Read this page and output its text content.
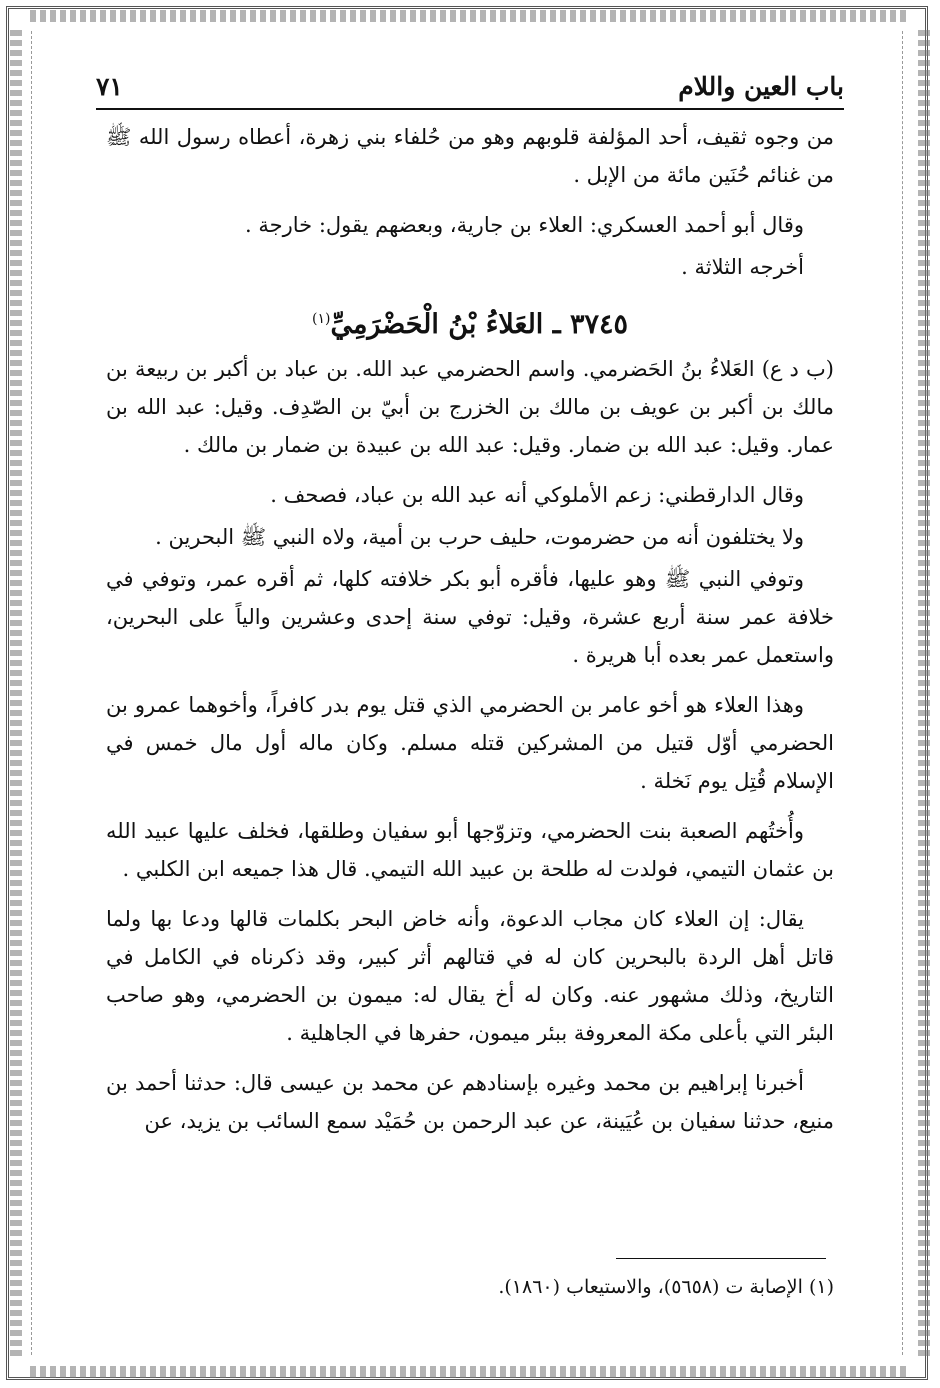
باب العين واللام
٧١

من وجوه ثقيف، أحد المؤلفة قلوبهم وهو من حُلفاء بني زهرة، أعطاه رسول الله ﷺ من غنائم حُنَين مائة من الإبل .

وقال أبو أحمد العسكري: العلاء بن جارية، وبعضهم يقول: خارجة .

أخرجه الثلاثة .

٣٧٤٥ ـ العَلاءُ بْنُ الْحَضْرَمِيِّ$^{(١)}$

(ب د ع) العَلاءُ بنُ الحَضرمي. واسم الحضرمي عبد الله. بن عباد بن أكبر بن ربيعة بن مالك بن أكبر بن عويف بن مالك بن الخزرج بن أبيّ بن الصّدِف. وقيل: عبد الله بن عمار. وقيل: عبد الله بن ضمار. وقيل: عبد الله بن عبيدة بن ضمار بن مالك .

وقال الدارقطني: زعم الأملوكي أنه عبد الله بن عباد، فصحف .

ولا يختلفون أنه من حضرموت، حليف حرب بن أمية، ولاه النبي ﷺ البحرين .

وتوفي النبي ﷺ وهو عليها، فأقره أبو بكر خلافته كلها، ثم أقره عمر، وتوفي في خلافة عمر سنة أربع عشرة، وقيل: توفي سنة إحدى وعشرين والياً على البحرين، واستعمل عمر بعده أبا هريرة .

وهذا العلاء هو أخو عامر بن الحضرمي الذي قتل يوم بدر كافراً، وأخوهما عمرو بن الحضرمي أوّل قتيل من المشركين قتله مسلم. وكان ماله أول مال خمس في الإسلام قُتِل يوم نَخلة .

وأُختُهم الصعبة بنت الحضرمي، وتزوّجها أبو سفيان وطلقها، فخلف عليها عبيد الله بن عثمان التيمي، فولدت له طلحة بن عبيد الله التيمي. قال هذا جميعه ابن الكلبي .

يقال: إن العلاء كان مجاب الدعوة، وأنه خاض البحر بكلمات قالها ودعا بها ولما قاتل أهل الردة بالبحرين كان له في قتالهم أثر كبير، وقد ذكرناه في الكامل في التاريخ، وذلك مشهور عنه. وكان له أخ يقال له: ميمون بن الحضرمي، وهو صاحب البئر التي بأعلى مكة المعروفة ببئر ميمون، حفرها في الجاهلية .

أخبرنا إبراهيم بن محمد وغيره بإسنادهم عن محمد بن عيسى قال: حدثنا أحمد بن منيع، حدثنا سفيان بن عُيَينة، عن عبد الرحمن بن حُمَيْد سمع السائب بن يزيد، عن

(١) الإصابة ت (٥٦٥٨)، والاستيعاب (١٨٦٠).
